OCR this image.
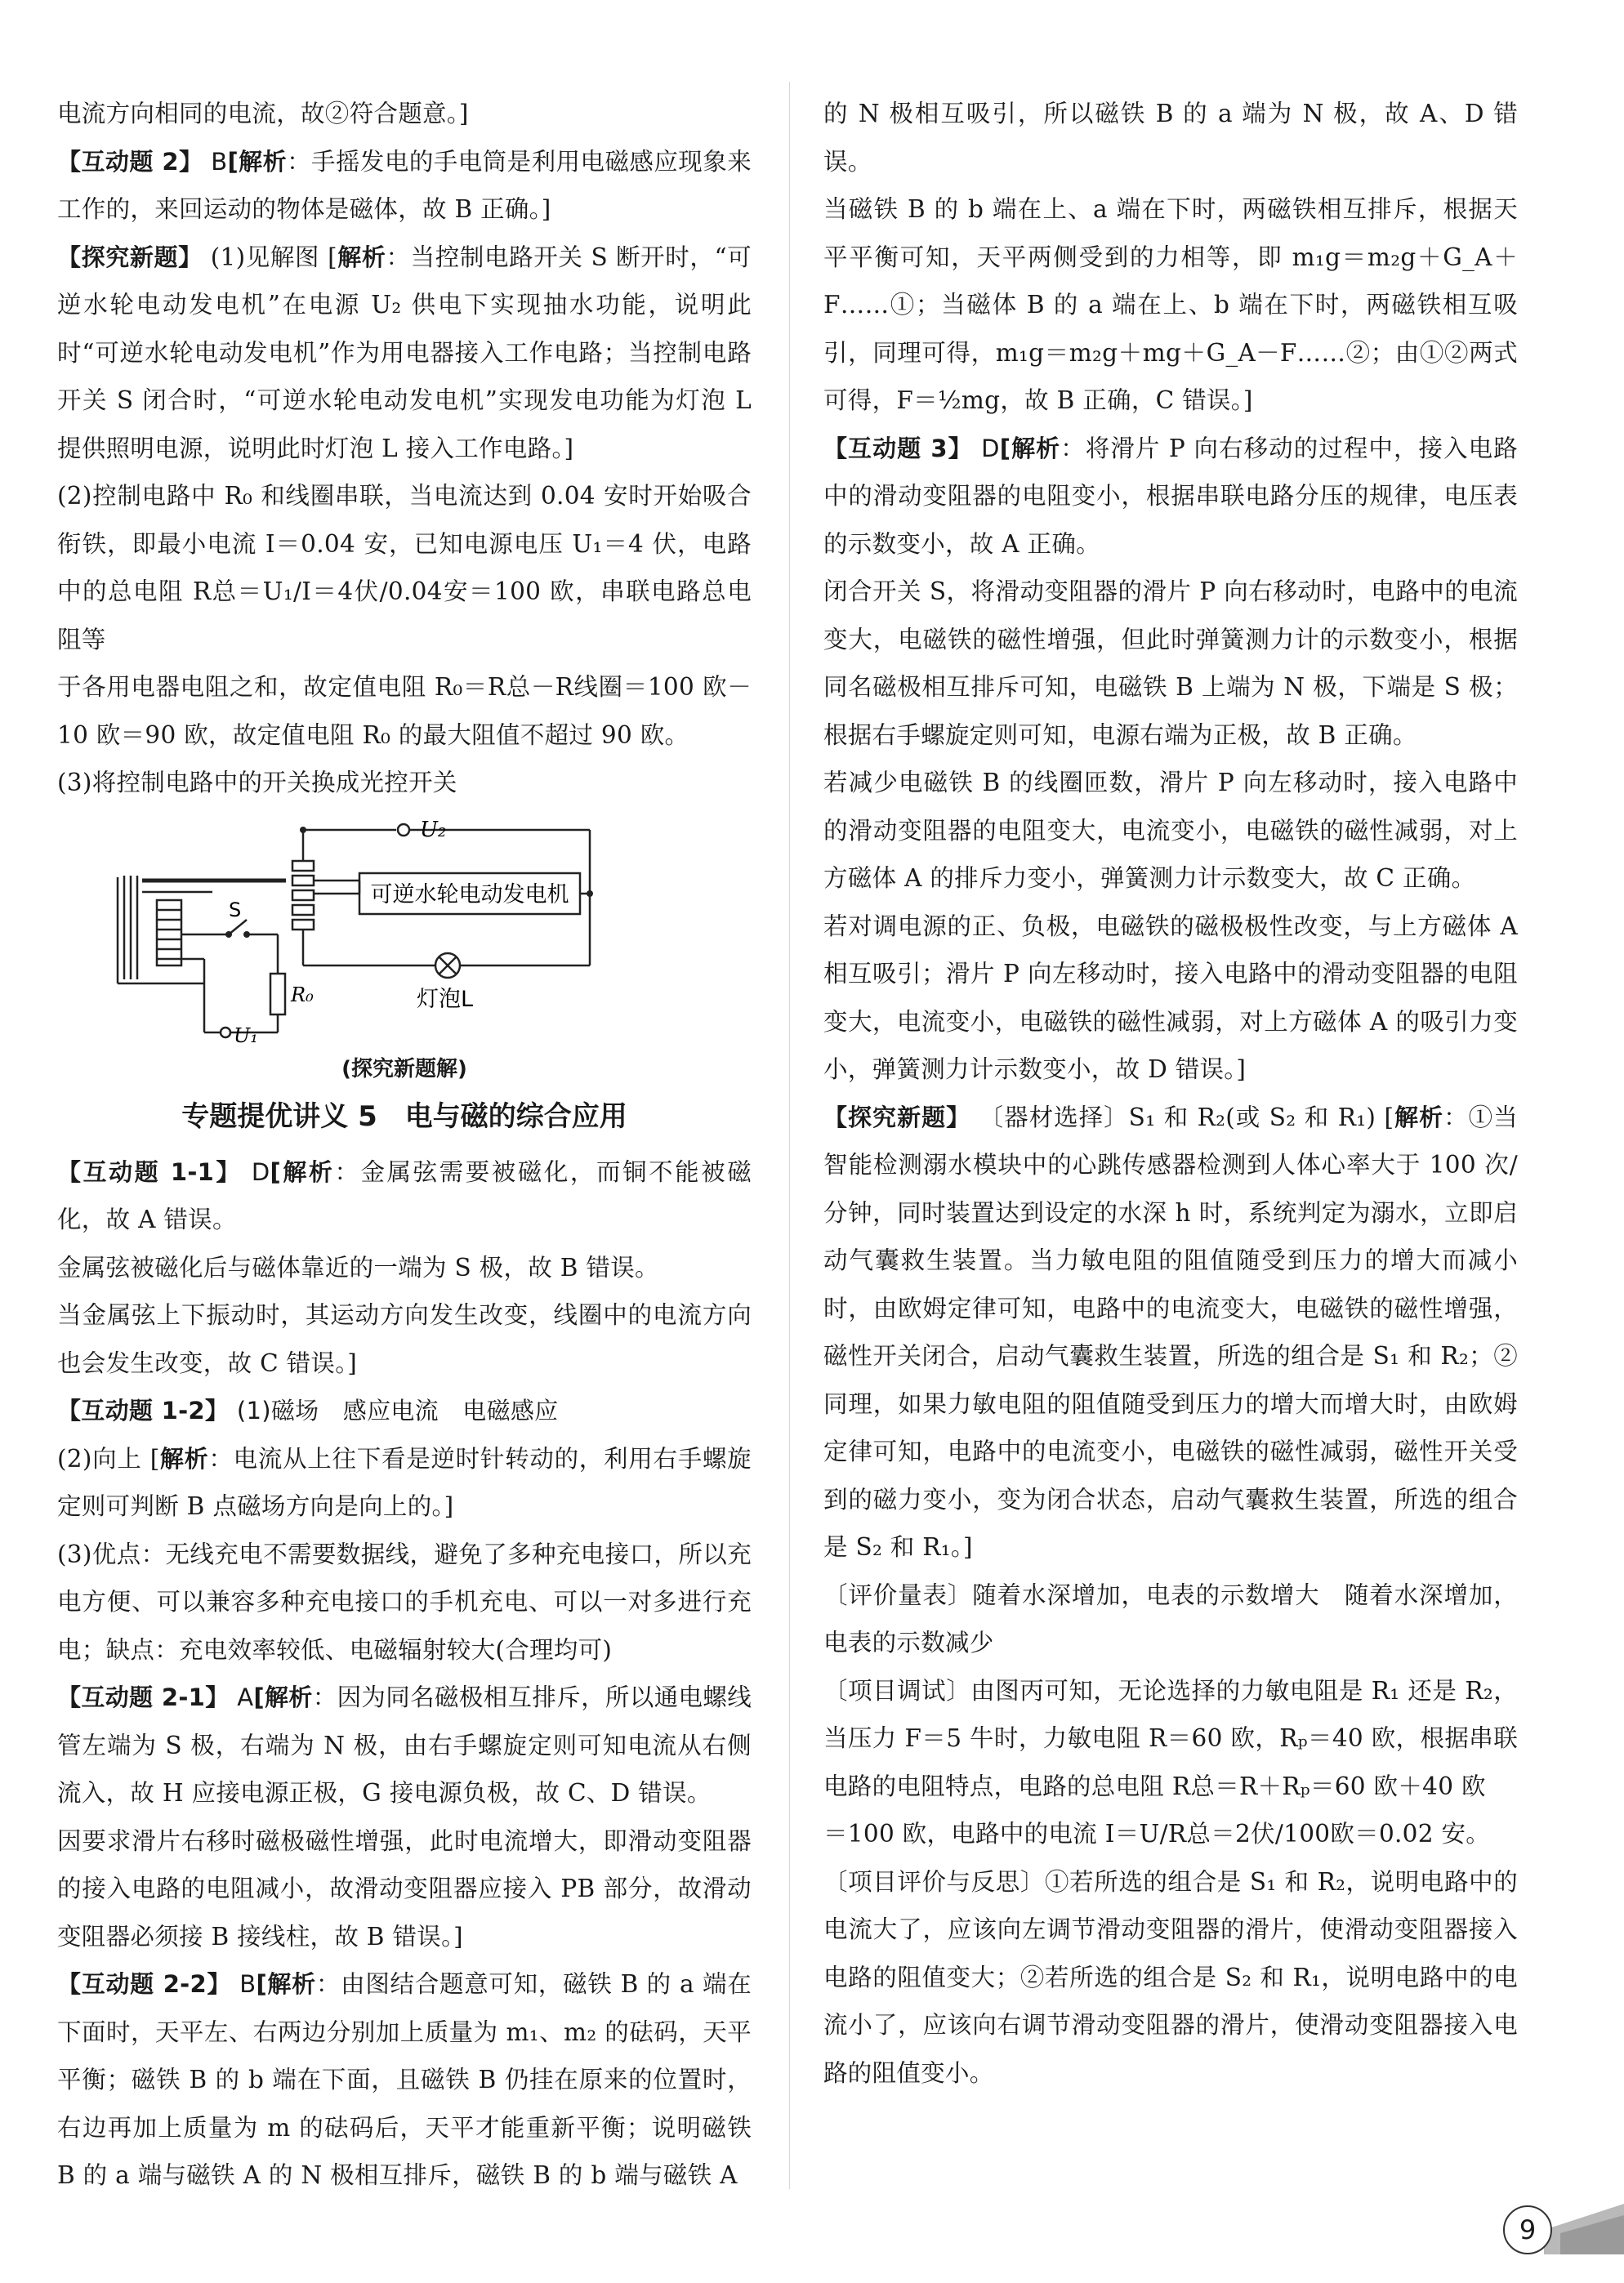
电流方向相同的电流，故②符合题意。]

【互动题 2】 B[解析：手摇发电的手电筒是利用电磁感应现象来工作的，来回运动的物体是磁体，故 B 正确。]

【探究新题】 (1)见解图 [解析：当控制电路开关 S 断开时，“可逆水轮电动发电机”在电源 U₂ 供电下实现抽水功能，说明此时“可逆水轮电动发电机”作为用电器接入工作电路；当控制电路开关 S 闭合时，“可逆水轮电动发电机”实现发电功能为灯泡 L 提供照明电源，说明此时灯泡 L 接入工作电路。]

(2)控制电路中 R₀ 和线圈串联，当电流达到 0.04 安时开始吸合衔铁，即最小电流 I＝0.04 安，已知电源电压 U₁＝4 伏，电路中的总电阻 R总＝U₁/I＝4伏/0.04安＝100 欧，串联电路总电阻等

于各用电器电阻之和，故定值电阻 R₀＝R总－R线圈＝100 欧－10 欧＝90 欧，故定值电阻 R₀ 的最大阻值不超过 90 欧。

(3)将控制电路中的开关换成光控开关

U₂
可逆水轮电动发电机
S
R₀
U₁
灯泡L

(探究新题解)

专题提优讲义 5　电与磁的综合应用

【互动题 1-1】 D[解析：金属弦需要被磁化，而铜不能被磁化，故 A 错误。

金属弦被磁化后与磁体靠近的一端为 S 极，故 B 错误。

当金属弦上下振动时，其运动方向发生改变，线圈中的电流方向也会发生改变，故 C 错误。]

【互动题 1-2】 (1)磁场　感应电流　电磁感应

(2)向上 [解析：电流从上往下看是逆时针转动的，利用右手螺旋定则可判断 B 点磁场方向是向上的。]

(3)优点：无线充电不需要数据线，避免了多种充电接口，所以充电方便、可以兼容多种充电接口的手机充电、可以一对多进行充电；缺点：充电效率较低、电磁辐射较大(合理均可)

【互动题 2-1】 A[解析：因为同名磁极相互排斥，所以通电螺线管左端为 S 极，右端为 N 极，由右手螺旋定则可知电流从右侧流入，故 H 应接电源正极，G 接电源负极，故 C、D 错误。

因要求滑片右移时磁极磁性增强，此时电流增大，即滑动变阻器的接入电路的电阻减小，故滑动变阻器应接入 PB 部分，故滑动变阻器必须接 B 接线柱，故 B 错误。]

【互动题 2-2】 B[解析：由图结合题意可知，磁铁 B 的 a 端在下面时，天平左、右两边分别加上质量为 m₁、m₂ 的砝码，天平平衡；磁铁 B 的 b 端在下面，且磁铁 B 仍挂在原来的位置时，右边再加上质量为 m 的砝码后，天平才能重新平衡；说明磁铁 B 的 a 端与磁铁 A 的 N 极相互排斥，磁铁 B 的 b 端与磁铁 A

的 N 极相互吸引，所以磁铁 B 的 a 端为 N 极，故 A、D 错误。

当磁铁 B 的 b 端在上、a 端在下时，两磁铁相互排斥，根据天平平衡可知，天平两侧受到的力相等，即 m₁g＝m₂g＋G_A＋F……①；当磁体 B 的 a 端在上、b 端在下时，两磁铁相互吸引，同理可得，m₁g＝m₂g＋mg＋G_A－F……②；由①②两式可得，F＝½mg，故 B 正确，C 错误。]

【互动题 3】 D[解析：将滑片 P 向右移动的过程中，接入电路中的滑动变阻器的电阻变小，根据串联电路分压的规律，电压表的示数变小，故 A 正确。

闭合开关 S，将滑动变阻器的滑片 P 向右移动时，电路中的电流变大，电磁铁的磁性增强，但此时弹簧测力计的示数变小，根据同名磁极相互排斥可知，电磁铁 B 上端为 N 极，下端是 S 极；根据右手螺旋定则可知，电源右端为正极，故 B 正确。

若减少电磁铁 B 的线圈匝数，滑片 P 向左移动时，接入电路中的滑动变阻器的电阻变大，电流变小，电磁铁的磁性减弱，对上方磁体 A 的排斥力变小，弹簧测力计示数变大，故 C 正确。

若对调电源的正、负极，电磁铁的磁极极性改变，与上方磁体 A 相互吸引；滑片 P 向左移动时，接入电路中的滑动变阻器的电阻变大，电流变小，电磁铁的磁性减弱，对上方磁体 A 的吸引力变小，弹簧测力计示数变小，故 D 错误。]

【探究新题】 〔器材选择〕S₁ 和 R₂(或 S₂ 和 R₁) [解析：①当智能检测溺水模块中的心跳传感器检测到人体心率大于 100 次/分钟，同时装置达到设定的水深 h 时，系统判定为溺水，立即启动气囊救生装置。当力敏电阻的阻值随受到压力的增大而减小时，由欧姆定律可知，电路中的电流变大，电磁铁的磁性增强，磁性开关闭合，启动气囊救生装置，所选的组合是 S₁ 和 R₂；②同理，如果力敏电阻的阻值随受到压力的增大而增大时，由欧姆定律可知，电路中的电流变小，电磁铁的磁性减弱，磁性开关受到的磁力变小，变为闭合状态，启动气囊救生装置，所选的组合是 S₂ 和 R₁。]

〔评价量表〕随着水深增加，电表的示数增大　随着水深增加，电表的示数减少

〔项目调试〕由图丙可知，无论选择的力敏电阻是 R₁ 还是 R₂，当压力 F＝5 牛时，力敏电阻 R＝60 欧，Rₚ＝40 欧，根据串联电路的电阻特点，电路的总电阻 R总＝R＋Rₚ＝60 欧＋40 欧

＝100 欧，电路中的电流 I＝U/R总＝2伏/100欧＝0.02 安。

〔项目评价与反思〕①若所选的组合是 S₁ 和 R₂，说明电路中的电流大了，应该向左调节滑动变阻器的滑片，使滑动变阻器接入电路的阻值变大；②若所选的组合是 S₂ 和 R₁，说明电路中的电流小了，应该向右调节滑动变阻器的滑片，使滑动变阻器接入电路的阻值变小。

9
